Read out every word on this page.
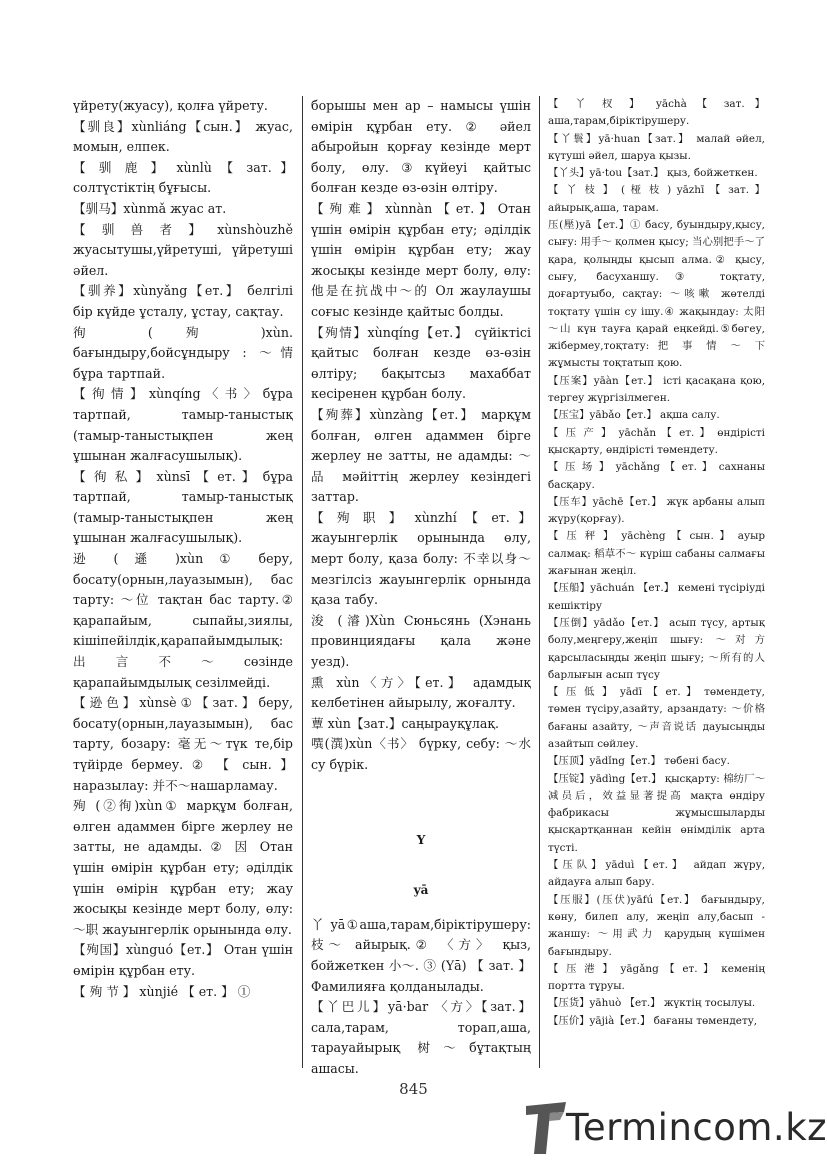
үйрету(жуасу), қолға үйрету.

【驯良】xùnliáng【сын.】 жуас, момын, елпек.

【 驯 鹿 】 xùnlù 【 зат. 】 солтүстіктің бұғысы.

【驯马】xùnmǎ жуас ат.

【 驯 兽 者 】 xùnshòuzhě жуасытушы,үйретуші, үйретуші әйел.

【驯养】xùnyǎng【ет.】 белгілі бір күйде ұсталу, ұстау, сақтау.

徇 ( 殉 )xùn. бағындыру,бойсұндыру : ～情 бұра тартпай.

【 徇 情 】 xùnqíng 〈 书 〉 бұра тартпай, тамыр-таныстық (тамыр-таныстықпен жең ұшынан жалғасушылық).

【 徇 私 】 xùnsī 【 ет. 】 бұра тартпай, тамыр-таныстық (тамыр-таныстықпен жең ұшынан жалғасушылық).

逊 ( 遜 )xùn ① беру, босату(орнын,лауазымын), бас тарту: ～位 тақтан бас тарту.② қарапайым, сыпайы,зиялы, кішіпейілдік,қарапайымдылық: 出 言 不 ～ сөзінде қарапайымдылық сезілмейді.

【逊色】xùnsè①【зат.】беру, босату(орнын,лауазымын), бас тарту, бозару: 毫无～түк те,бір түйірде бермеу. ② 【 сын. 】 наразылау: 并不～нашарламау.

殉 (②徇)xùn① марқұм болған, өлген адаммен бірге жерлеу не затты, не адамды. ② 因 Отан үшін өмірін құрбан ету; әділдік үшін өмірін құрбан ету; жау жосықы кезінде мерт болу, өлу: ～职 жауынгерлік орынында өлу.

【殉国】xùnguó【ет.】 Отан үшін өмірін құрбан ету.

【 殉 节 】 xùnjié 【 ет. 】 ①

борышы мен ар – намысы үшін өмірін құрбан ету. ② әйел абыройын қорғау кезінде мерт болу, өлу.③күйеуі қайтыс болған кезде өз-өзін өлтіру.

【 殉 难 】 xùnnàn 【 ет. 】 Отан үшін өмірін құрбан ету; әділдік үшін өмірін құрбан ету; жау жосықы кезінде мерт болу, өлу: 他是在抗战中～的 Ол жаулаушы соғыс кезінде қайтыс болды.

【殉情】xùnqíng【ет.】 сүйіктісі қайтыс болған кезде өз-өзін өлтіру; бақытсыз махаббат кесіренен құрбан болу.

【殉葬】xùnzàng【ет.】 марқұм болған, өлген адаммен бірге жерлеу не затты, не адамды: ～品 мәйіттің жерлеу кезіндегі заттар.

【 殉 职 】 xùnzhí 【 ет. 】 жауынгерлік орынында өлу, мерт болу, қаза болу: 不幸以身～ мезгілсіз жауынгерлік орнында қаза табу.

浚 (濬)Xùn Сюньсянь (Хэнань провинциядағы қала және уезд).

熏 xùn〈方〉【ет.】 адамдық келбетінен айырылу, жоғалту.

蕈 xùn【зат.】саңырауқұлақ.

噀(潠)xùn〈书〉 бүрку, себу: ～水 су бүрік.

Y

yā

丫 yā①аша,тарам,біріктірушеру: 枝～ айырық.② 〈方〉 қыз, бойжеткен 小～. ③ (Yā) 【 зат. 】 Фамилияға қолданылады.

【丫巴儿】yā·bar 〈方〉【зат.】 сала,тарам, торап,аша, тарауайырық 树～бұтақтың ашасы.

【 丫 杈 】 yāchà 【 зат. 】 аша,тарам,біріктірушеру.

【丫鬟】yā·huan【зат.】 малай әйел, күтуші әйел, шаруа қызы.

【丫头】yā·tou【зат.】 қыз, бойжеткен.

【 丫 枝 】 ( 桠 枝 ) yāzhī 【 зат. 】 айырық,аша, тарам.

压(壓)yā【ет.】① басу, буындыру,қысу, сығу: 用手～ қолмен қысу; 当心别把手～了 қара, қолыңды қысып алма.② қысу, сығу, басуханшу.③ тоқтату, доғартуыбо, сақтау: ～咳嗽 жөтелді тоқтату үшін су ішу.④ жақындау: 太阳～山 күн тауға қарай еңкейді.⑤бөгеу, жібермеу,тоқтату: 把 事 情 ～ 下 жұмысты тоқтатып қою.

【压案】yāàn【ет.】 істі қасақана қою, тергеу жүргізілмеген.

【压宝】yābǎo【ет.】 ақша салу.

【 压 产 】 yāchǎn 【 ет. 】 өндірісті қысқарту, өндірісті төмендету.

【 压 场 】 yāchǎng 【 ет. 】 сахнаны басқару.

【压车】yāchē【ет.】 жүк арбаны алып жүру(қорғау).

【 压 秤 】 yāchèng 【 сын. 】 ауыр салмақ: 稻草不～ күріш сабаны салмағы жағынан жеңіл.

【压船】yāchuán 【ет.】 кемені түсіріуді кешіктіру

【压倒】yādǎo【ет.】 асып түсу, артық болу,меңгеру,жеңіп шығу: ～对方 қарсыласыңды жеңіп шығу; ～所有的人 барлығын асып түсу

【 压 低 】 yādī 【 ет. 】 төмендету, төмен түсіру,азайту, арзандату: ～价格 бағаны азайту, ～声音说话 дауысыңды азайтып сөйлеу.

【压顶】yādǐng【ет.】 төбені басу.

【压锭】yādìng【ет.】 қысқарту: 棉纺厂～减员后，效益显著提高 мақта өндіру фабрикасы жұмысшыларды қысқартқаннан кейін өнімділік арта түсті.

【压队】yāduì【ет.】 айдап жүру, айдауға алып бару.

【压服】(压伏)yāfú【ет.】 бағындыру, көну, билеп алу, жеңіп алу,басып - жаншу: ～用武力 қарудың күшімен бағындыру.

【 压 港 】 yāgǎng 【 ет. 】 кеменің портта тұруы.

【压货】yāhuò 【ет.】 жүктің тосылуы.

【压价】yājià【ет.】 бағаны төмендету,

845
Termincom.kz
